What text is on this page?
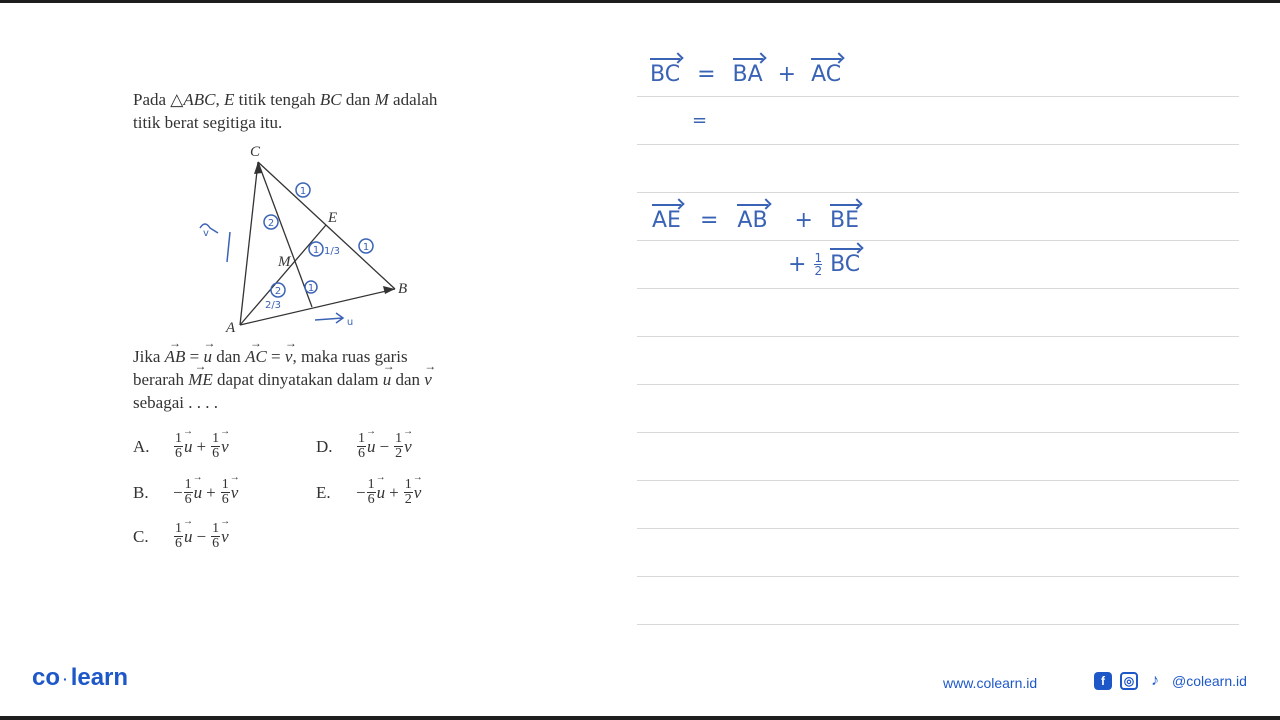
Pada △ABC, E titik tengah BC dan M adalah
titik berat segitiga itu.
C
E
M
B
A
1
2
1
1 1/3
1
2
2/3
v
u
Jika → AB = → u dan → AC = → v, maka ruas garis
berarah → ME dapat dinyatakan dalam → u dan → v
sebagai . . . .
A.	$\frac{1}{6}$
→ $u + \frac{1}{6}$
→ v
B.	− $\frac{1}{6}$
→ $u + \frac{1}{6}$
→ v
C.	$\frac{1}{6}$
→ $u - \frac{1}{6}$
→ v
D.	$\frac{1}{6}$
→ $u - \frac{1}{2}$
→ v
E.	− $\frac{1}{6}$
→ $u + \frac{1}{2}$
→ v
BC = BA + AC
=
AE = AB + BE
+ $\frac{1}{2}$ BC
co · learn	www.colearn.id	f	◎	♪ @colearn.id
